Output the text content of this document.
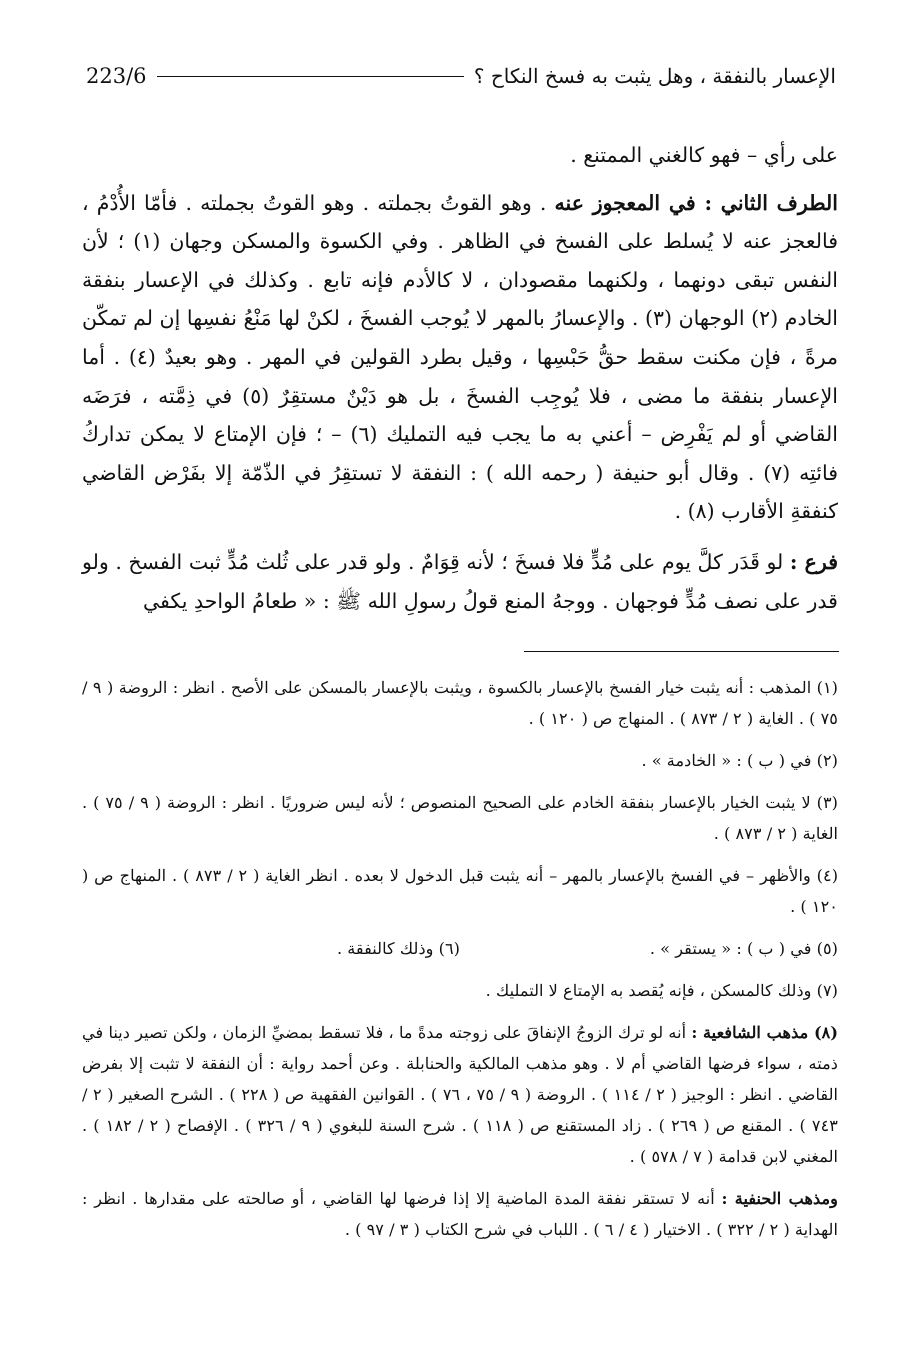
الإعسار بالنفقة ، وهل يثبت به فسخ النكاح ؟
223/6

على رأي – فهو كالغني الممتنع .

الطرف الثاني : في المعجوز عنه . وهو القوتُ بجملته . وهو القوتُ بجملته . فأمّا الأُدْمُ ، فالعجز عنه لا يُسلط على الفسخ في الظاهر . وفي الكسوة والمسكن وجهان (١) ؛ لأن النفس تبقى دونهما ، ولكنهما مقصودان ، لا كالأدم فإنه تابع . وكذلك في الإعسار بنفقة الخادم (٢) الوجهان (٣) . والإعسارُ بالمهر لا يُوجب الفسخَ ، لكنْ لها مَنْعُ نفسِها إن لم تمكّن مرةً ، فإن مكنت سقط حقُّ حَبْسِها ، وقيل بطرد القولين في المهر . وهو بعيدٌ (٤) . أما الإعسار بنفقة ما مضى ، فلا يُوجِب الفسخَ ، بل هو دَيْنٌ مستقِرٌ (٥) في ذِمَّته ، فرَضَه القاضي أو لم يَفْرِض – أعني به ما يجب فيه التمليك (٦) – ؛ فإن الإمتاع لا يمكن تداركُ فائتِه (٧) . وقال أبو حنيفة ( رحمه الله ) : النفقة لا تستقِرُ في الذّمّة إلا بفَرْض القاضي كنفقةِ الأقارب (٨) .

فرع : لو قَدَر كلَّ يوم على مُدٍّ فلا فسخَ ؛ لأنه قِوَامٌ . ولو قدر على ثُلث مُدٍّ ثبت الفسخ . ولو قدر على نصف مُدٍّ فوجهان . ووجهُ المنع قولُ رسولِ الله ﷺ : « طعامُ الواحدِ يكفي

(١) المذهب : أنه يثبت خيار الفسخ بالإعسار بالكسوة ، ويثبت بالإعسار بالمسكن على الأصح . انظر : الروضة ( ٩ / ٧٥ ) . الغاية ( ٢ / ٨٧٣ ) . المنهاج ص ( ١٢٠ ) .

(٢) في ( ب ) : « الخادمة » .

(٣) لا يثبت الخيار بالإعسار بنفقة الخادم على الصحيح المنصوص ؛ لأنه ليس ضروريًا . انظر : الروضة ( ٩ / ٧٥ ) . الغاية ( ٢ / ٨٧٣ ) .

(٤) والأظهر – في الفسخ بالإعسار بالمهر – أنه يثبت قبل الدخول لا بعده . انظر الغاية ( ٢ / ٨٧٣ ) . المنهاج ص ( ١٢٠ ) .

(٥) في ( ب ) : « يستقر » .
(٦) وذلك كالنفقة .

(٧) وذلك كالمسكن ، فإنه يُقصد به الإمتاع لا التمليك .

(٨) مذهب الشافعية : أنه لو ترك الزوجُ الإنفاقَ على زوجته مدةً ما ، فلا تسقط بمضيِّ الزمان ، ولكن تصير دينا في ذمته ، سواء فرضها القاضي أم لا . وهو مذهب المالكية والحنابلة . وعن أحمد رواية : أن النفقة لا تثبت إلا بفرض القاضي . انظر : الوجيز ( ٢ / ١١٤ ) . الروضة ( ٩ / ٧٥ ، ٧٦ ) . القوانين الفقهية ص ( ٢٢٨ ) . الشرح الصغير ( ٢ / ٧٤٣ ) . المقنع ص ( ٢٦٩ ) . زاد المستقنع ص ( ١١٨ ) . شرح السنة للبغوي ( ٩ / ٣٢٦ ) . الإفصاح ( ٢ / ١٨٢ ) . المغني لابن قدامة ( ٧ / ٥٧٨ ) .

ومذهب الحنفية : أنه لا تستقر نفقة المدة الماضية إلا إذا فرضها لها القاضي ، أو صالحته على مقدارها . انظر : الهداية ( ٢ / ٣٢٢ ) . الاختيار ( ٤ / ٦ ) . اللباب في شرح الكتاب ( ٣ / ٩٧ ) .
